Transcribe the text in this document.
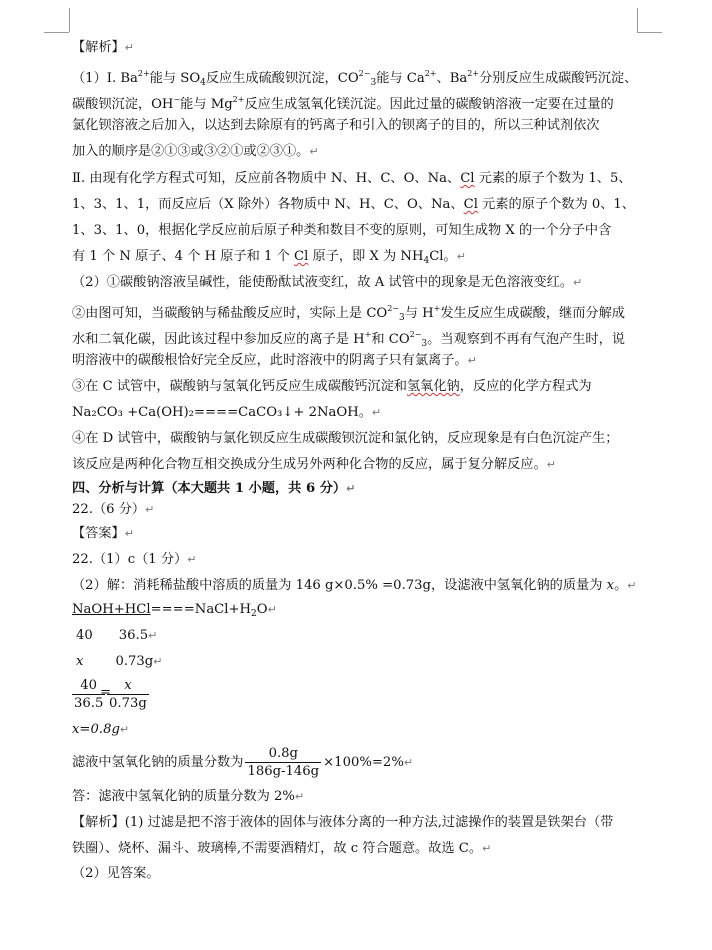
【解析】↵
（1）Ⅰ. $Ba^{2+}$能与 $SO_4$反应生成硫酸钡沉淀，$CO^{2-}_3$能与 $Ca^{2+}$、$Ba^{2+}$分别反应生成碳酸钙沉淀、
碳酸钡沉淀，OH−能与 $Mg^{2+}$反应生成氢氧化镁沉淀。因此过量的碳酸钠溶液一定要在过量的
氯化钡溶液之后加入，以达到去除原有的钙离子和引入的钡离子的目的，所以三种试剂依次
加入的顺序是②①③或③②①或②③①。↵
Ⅱ. 由现有化学方程式可知，反应前各物质中 N、H、C、O、Na、Cl 元素的原子个数为 1、5、
1、3、1、1，而反应后（X 除外）各物质中 N、H、C、O、Na、Cl 元素的原子个数为 0、1、
1、3、1、0，根据化学反应前后原子种类和数目不变的原则，可知生成物 X 的一个分子中含
有 1 个 N 原子、4 个 H 原子和 1 个 Cl 原子，即 X 为 $NH_4Cl$。↵
（2）①碳酸钠溶液呈碱性，能使酚酞试液变红，故 A 试管中的现象是无色溶液变红。↵
②由图可知，当碳酸钠与稀盐酸反应时，实际上是 $CO^{2-}_3$与 H+发生反应生成碳酸，继而分解成
水和二氧化碳，因此该过程中参加反应的离子是 H+和 $CO^{2-}_3$。当观察到不再有气泡产生时，说
明溶液中的碳酸根恰好完全反应，此时溶液中的阴离子只有氯离子。↵
③在 C 试管中，碳酸钠与氢氧化钙反应生成碳酸钙沉淀和氢氧化钠，反应的化学方程式为
Na₂CO₃ +Ca(OH)₂====CaCO₃↓+ 2NaOH。↵
④在 D 试管中，碳酸钠与氯化钡反应生成碳酸钡沉淀和氯化钠，反应现象是有白色沉淀产生；
该反应是两种化合物互相交换成分生成另外两种化合物的反应，属于复分解反应。↵
四、分析与计算（本大题共 1 小题，共 6 分）↵
22.（6 分）↵
【答案】↵
22.（1）c（1 分）↵
（2）解：消耗稀盐酸中溶质的质量为 146 g×0.5% =0.73g，设滤液中氢氧化钠的质量为 x。↵
$NaOH+HCl====NaCl+H_2O↵$
40 36.5↵
x 0.73g↵
$\frac{40}{36.5}$
=
$\frac{x}{0.73g}$
x=0.8g↵
滤液中氢氧化钠的质量分数为 $\frac{0.8g}{186g-146g}$ ×100%=2%↵
答：滤液中氢氧化钠的质量分数为 2%↵
【解析】(1) 过滤是把不溶于液体的固体与液体分离的一种方法,过滤操作的装置是铁架台（带
铁圈）、烧杯、漏斗、玻璃棒,不需要酒精灯，故 c 符合题意。故选 C。↵
（2）见答案。
